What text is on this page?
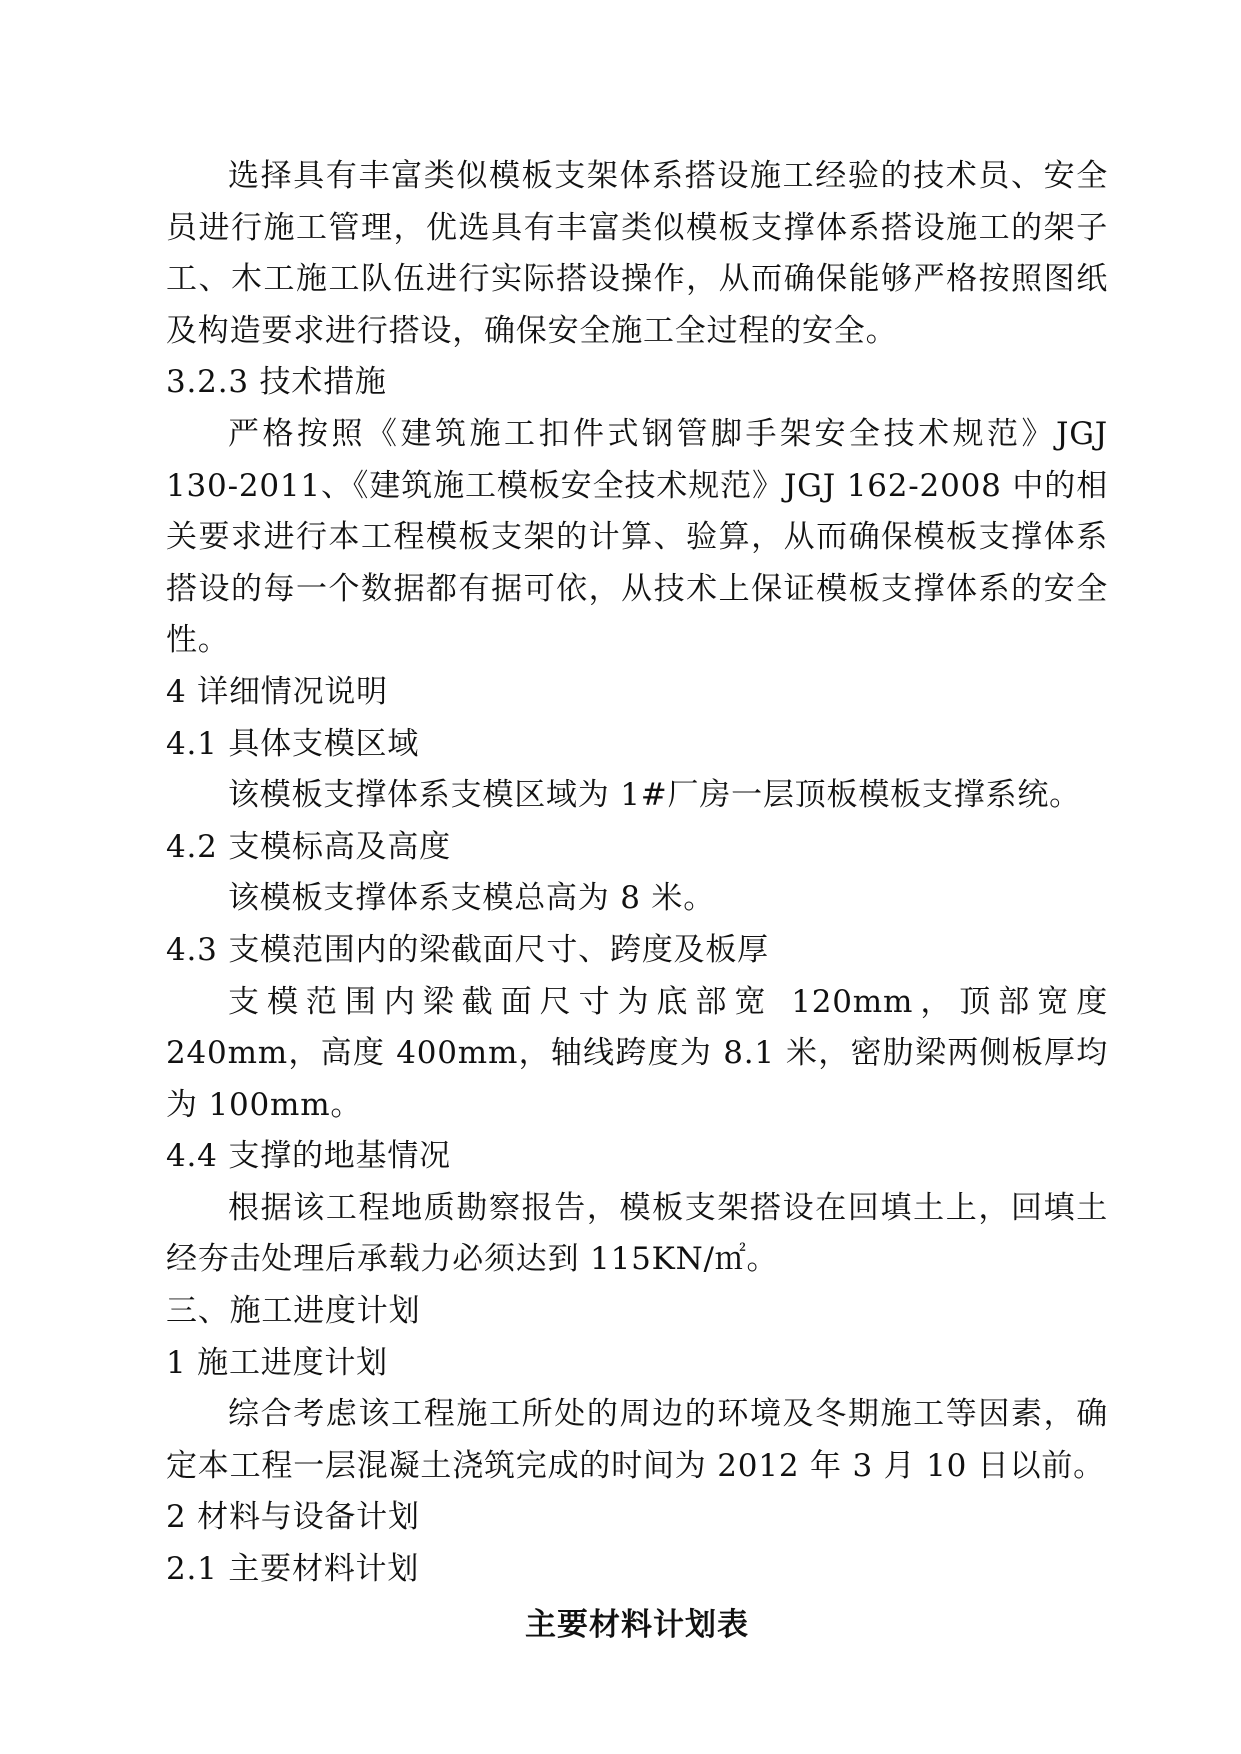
选择具有丰富类似模板支架体系搭设施工经验的技术员、安全员进行施工管理，优选具有丰富类似模板支撑体系搭设施工的架子工、木工施工队伍进行实际搭设操作，从而确保能够严格按照图纸及构造要求进行搭设，确保安全施工全过程的安全。

3.2.3 技术措施

严格按照《建筑施工扣件式钢管脚手架安全技术规范》JGJ 130-2011、《建筑施工模板安全技术规范》JGJ 162-2008 中的相关要求进行本工程模板支架的计算、验算，从而确保模板支撑体系搭设的每一个数据都有据可依，从技术上保证模板支撑体系的安全性。

4 详细情况说明

4.1 具体支模区域

该模板支撑体系支模区域为 1#厂房一层顶板模板支撑系统。

4.2 支模标高及高度

该模板支撑体系支模总高为 8 米。

4.3 支模范围内的梁截面尺寸、跨度及板厚

支模范围内梁截面尺寸为底部宽 120mm，顶部宽度 240mm，高度 400mm，轴线跨度为 8.1 米，密肋梁两侧板厚均为 100mm。

4.4 支撑的地基情况

根据该工程地质勘察报告，模板支架搭设在回填土上，回填土经夯击处理后承载力必须达到 115KN/㎡。

三、施工进度计划

1 施工进度计划

综合考虑该工程施工所处的周边的环境及冬期施工等因素，确定本工程一层混凝土浇筑完成的时间为 2012 年 3 月 10 日以前。

2 材料与设备计划

2.1 主要材料计划

主要材料计划表
